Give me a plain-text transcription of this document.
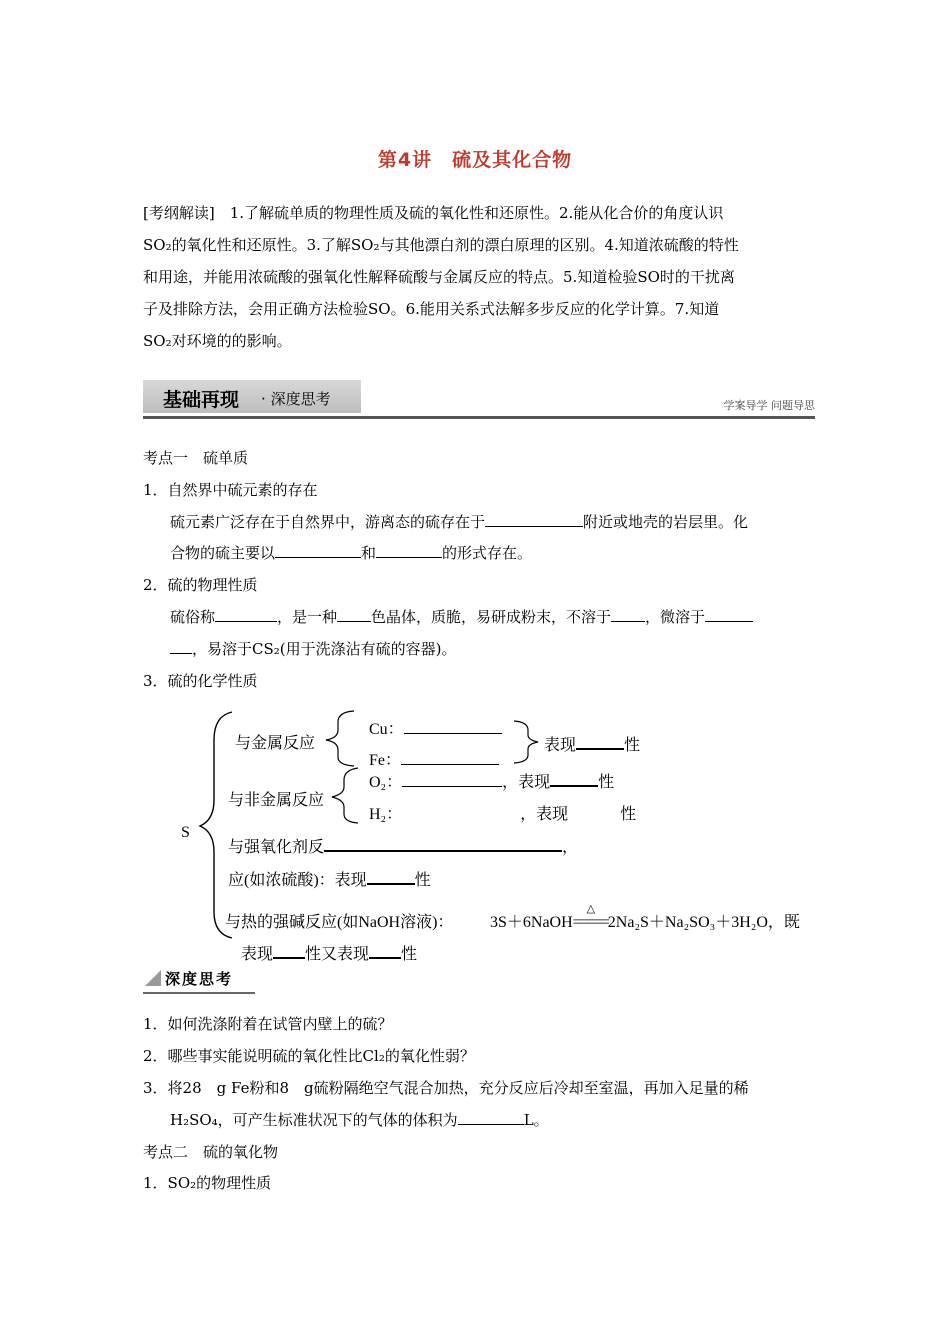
第4讲　硫及其化合物
[考纲解读]　1.了解硫单质的物理性质及硫的氧化性和还原性。2.能从化合价的角度认识
SO₂的氧化性和还原性。3.了解SO₂与其他漂白剂的漂白原理的区别。4.知道浓硫酸的特性
和用途，并能用浓硫酸的强氧化性解释硫酸与金属反应的特点。5.知道检验SO时的干扰离
子及排除方法，会用正确方法检验SO。6.能用关系式法解多步反应的化学计算。7.知道
SO₂对环境的的影响。
基础再现 · 深度思考	学案导学 问题导思
考点一　硫单质
1．自然界中硫元素的存在
硫元素广泛存在于自然界中，游离态的硫存在于	附近或地壳的岩层里。化
合物的硫主要以	和	的形式存在。
2．硫的物理性质
硫俗称	，是一种 色晶体，质脆，易研成粉末，不溶于 ，微溶于
，易溶于CS₂(用于洗涤沾有硫的容器)。
3．硫的化学性质
S
与金属反应
Cu：
Fe：
表现	性
与非金属反应
O₂：	，表现	性
H₂：	，表现	性
与强氧化剂反	，
应(如浓硫酸)：表现	性
与热的强碱反应(如NaOH溶液)： 3S＋6NaOH
△
=====2Na₂S＋Na₂SO₃＋3H₂O，既
表现 性又表现 性
深度思考
1．如何洗涤附着在试管内壁上的硫？
2．哪些事实能说明硫的氧化性比Cl₂的氧化性弱？
3．将28　g Fe粉和8　g硫粉隔绝空气混合加热，充分反应后冷却至室温，再加入足量的稀
H₂SO₄，可产生标准状况下的气体的体积为	L。
考点二　硫的氧化物
1．SO₂的物理性质
